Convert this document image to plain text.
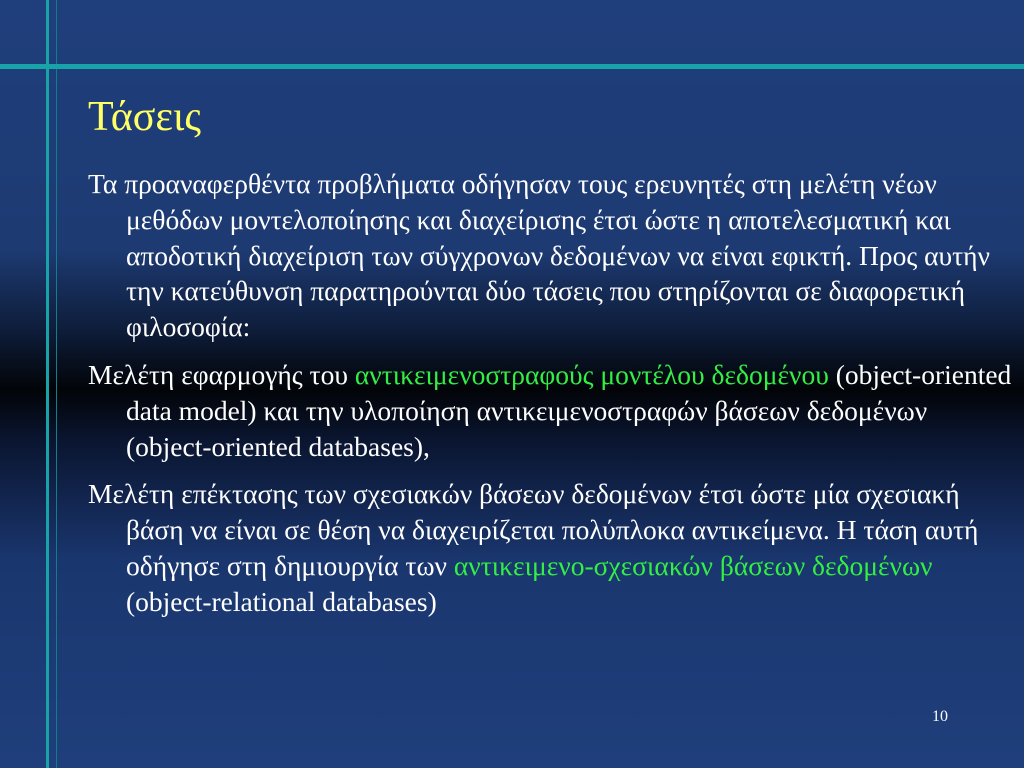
Τάσεις

Τα προαναφερθέντα προβλήματα οδήγησαν τους ερευνητές στη μελέτη νέων μεθόδων μοντελοποίησης και διαχείρισης έτσι ώστε η αποτελεσματική και αποδοτική διαχείριση των σύγχρονων δεδομένων να είναι εφικτή. Προς αυτήν την κατεύθυνση παρατηρούνται δύο τάσεις που στηρίζονται σε διαφορετική φιλοσοφία:

Μελέτη εφαρμογής του αντικειμενοστραφούς μοντέλου δεδομένου (object-oriented data model) και την υλοποίηση αντικειμενοστραφών βάσεων δεδομένων (object-oriented databases),

Μελέτη επέκτασης των σχεσιακών βάσεων δεδομένων έτσι ώστε μία σχεσιακή βάση να είναι σε θέση να διαχειρίζεται πολύπλοκα αντικείμενα. Η τάση αυτή οδήγησε στη δημιουργία των αντικειμενο-σχεσιακών βάσεων δεδομένων (object-relational databases)

10
